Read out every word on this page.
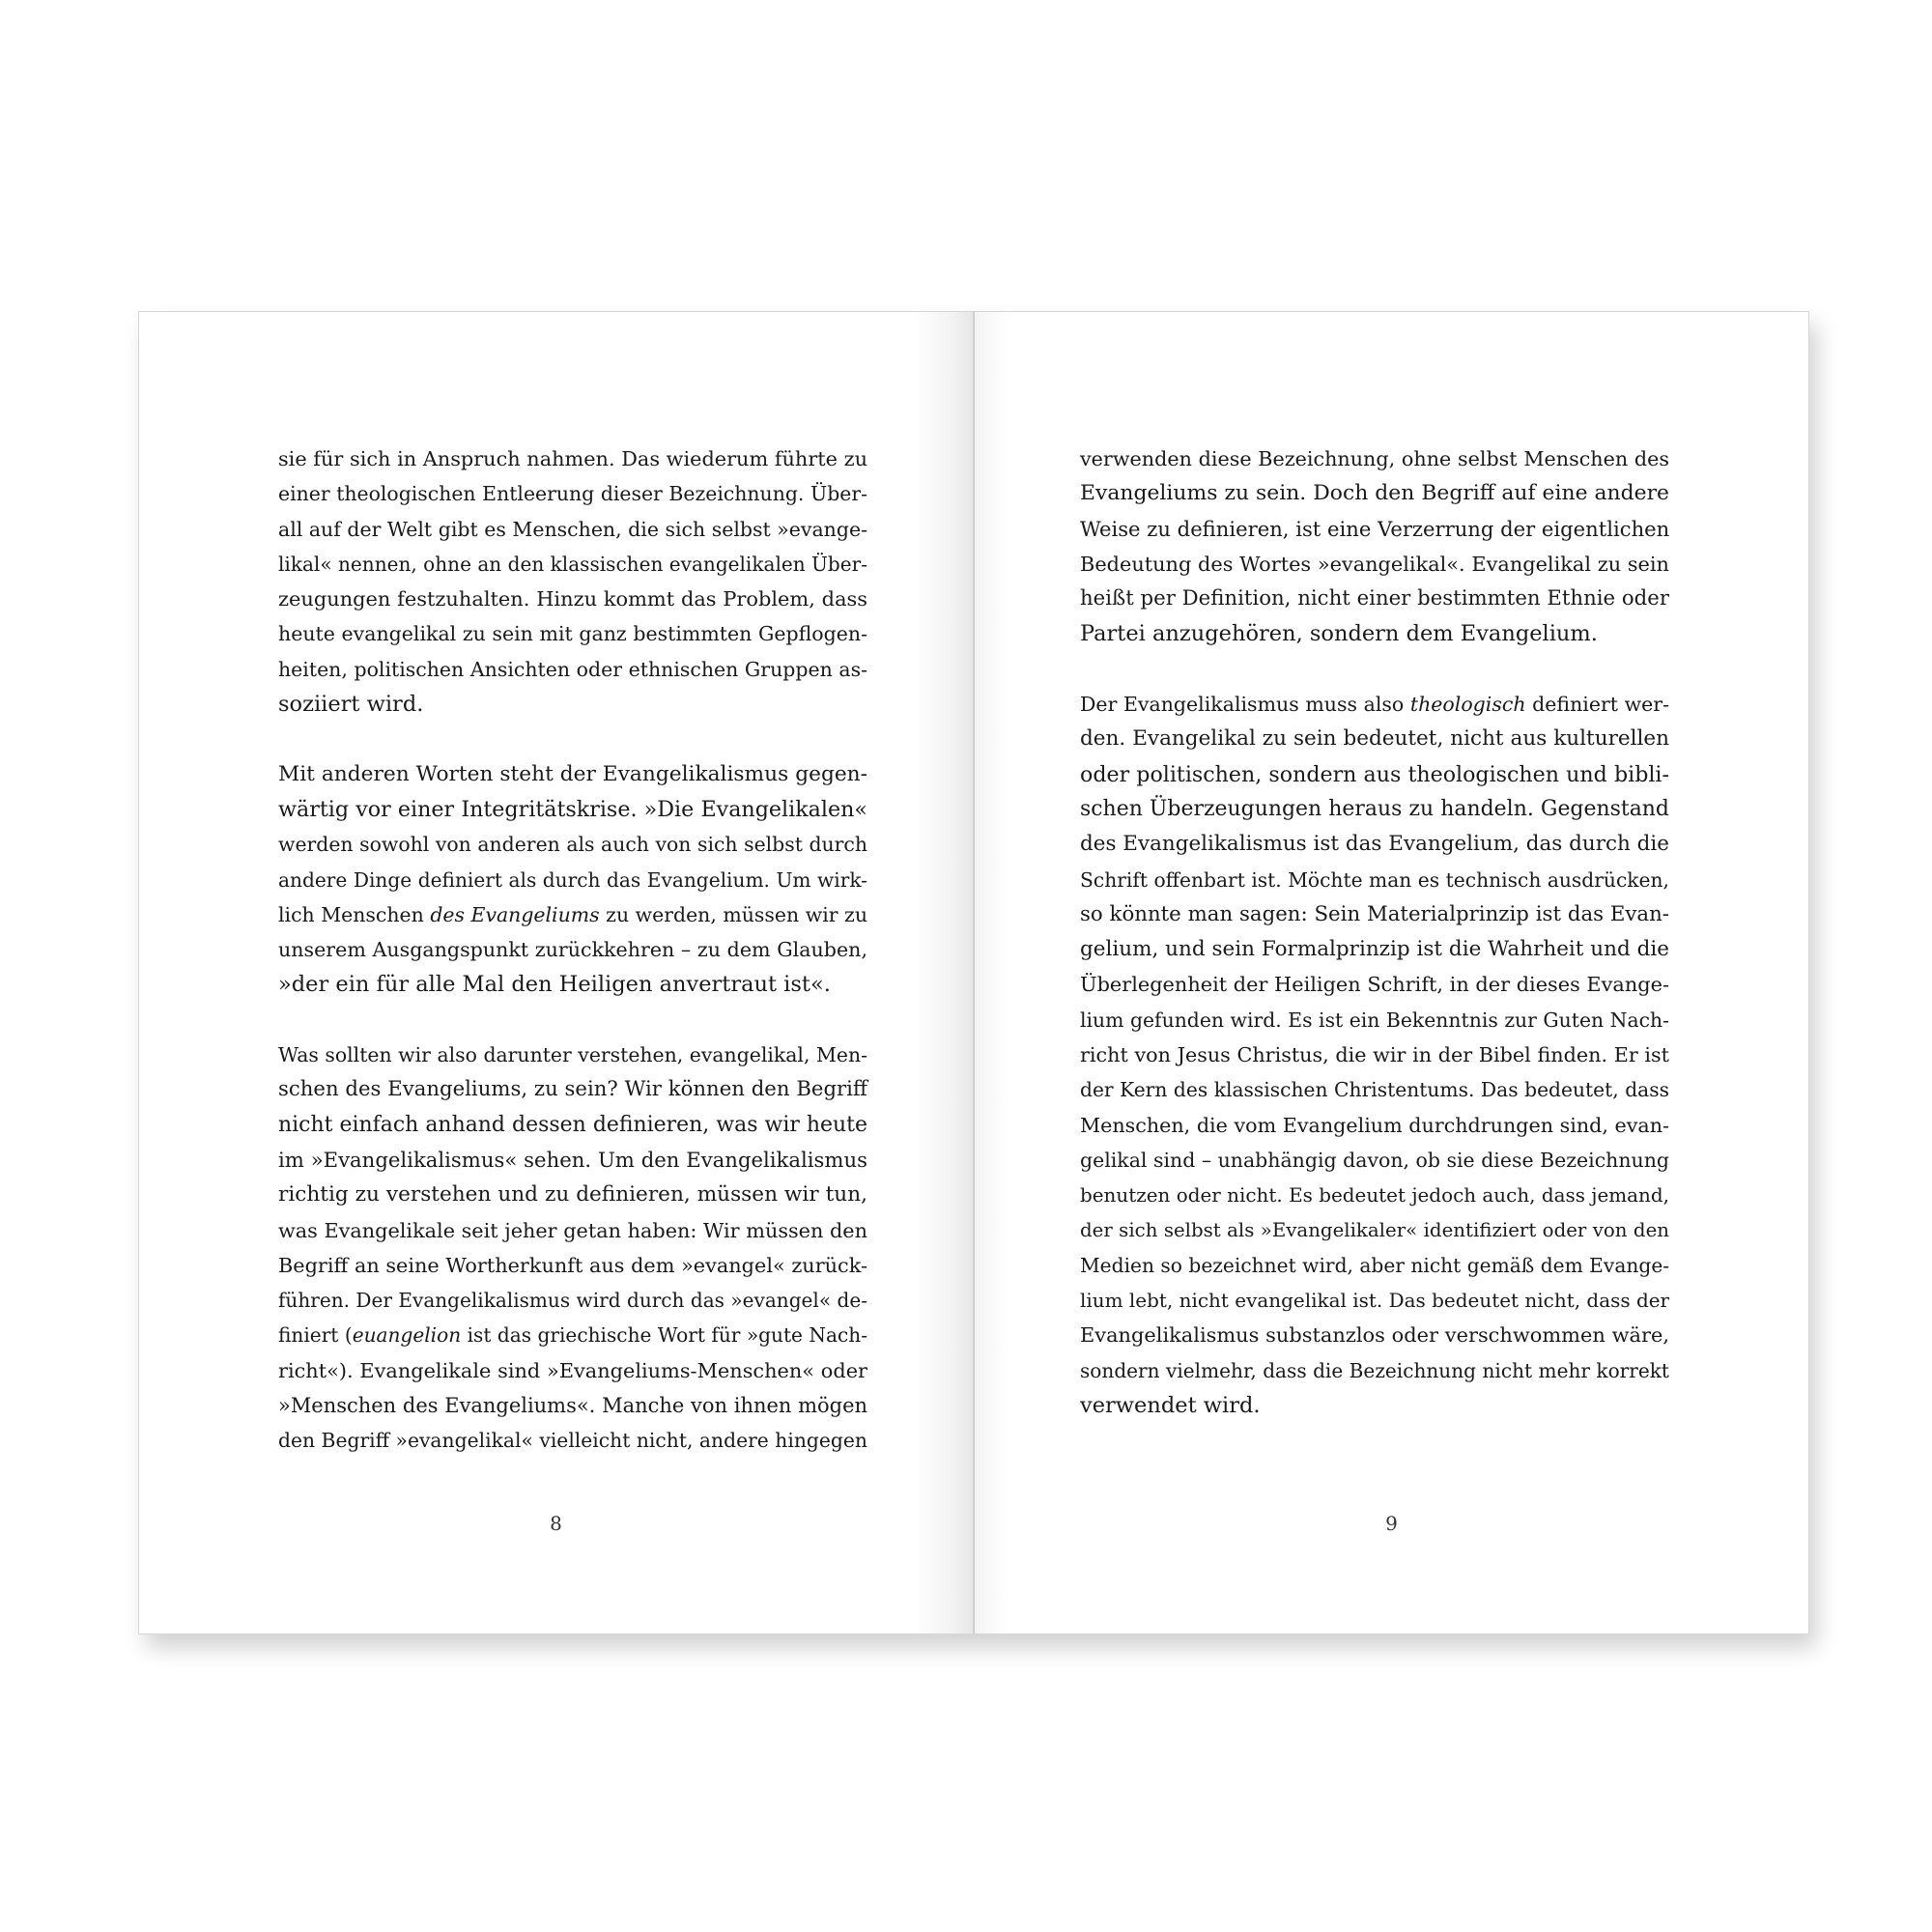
sie für sich in Anspruch nahmen. Das wiederum führte zu
einer theologischen Entleerung dieser Bezeichnung. Über-
all auf der Welt gibt es Menschen, die sich selbst »evange-
likal« nennen, ohne an den klassischen evangelikalen Über-
zeugungen festzuhalten. Hinzu kommt das Problem, dass
heute evangelikal zu sein mit ganz bestimmten Gepflogen-
heiten, politischen Ansichten oder ethnischen Gruppen as-
soziiert wird.

Mit anderen Worten steht der Evangelikalismus gegen-
wärtig vor einer Integritätskrise. »Die Evangelikalen«
werden sowohl von anderen als auch von sich selbst durch
andere Dinge definiert als durch das Evangelium. Um wirk-
lich Menschen des Evangeliums zu werden, müssen wir zu
unserem Ausgangspunkt zurückkehren – zu dem Glauben,
»der ein für alle Mal den Heiligen anvertraut ist«.

Was sollten wir also darunter verstehen, evangelikal, Men-
schen des Evangeliums, zu sein? Wir können den Begriff
nicht einfach anhand dessen definieren, was wir heute
im »Evangelikalismus« sehen. Um den Evangelikalismus
richtig zu verstehen und zu definieren, müssen wir tun,
was Evangelikale seit jeher getan haben: Wir müssen den
Begriff an seine Wortherkunft aus dem »evangel« zurück-
führen. Der Evangelikalismus wird durch das »evangel« de-
finiert (euangelion ist das griechische Wort für »gute Nach-
richt«). Evangelikale sind »Evangeliums-Menschen« oder
»Menschen des Evangeliums«. Manche von ihnen mögen
den Begriff »evangelikal« vielleicht nicht, andere hingegen

8

verwenden diese Bezeichnung, ohne selbst Menschen des
Evangeliums zu sein. Doch den Begriff auf eine andere
Weise zu definieren, ist eine Verzerrung der eigentlichen
Bedeutung des Wortes »evangelikal«. Evangelikal zu sein
heißt per Definition, nicht einer bestimmten Ethnie oder
Partei anzugehören, sondern dem Evangelium.

Der Evangelikalismus muss also theologisch definiert wer-
den. Evangelikal zu sein bedeutet, nicht aus kulturellen
oder politischen, sondern aus theologischen und bibli-
schen Überzeugungen heraus zu handeln. Gegenstand
des Evangelikalismus ist das Evangelium, das durch die
Schrift offenbart ist. Möchte man es technisch ausdrücken,
so könnte man sagen: Sein Materialprinzip ist das Evan-
gelium, und sein Formalprinzip ist die Wahrheit und die
Überlegenheit der Heiligen Schrift, in der dieses Evange-
lium gefunden wird. Es ist ein Bekenntnis zur Guten Nach-
richt von Jesus Christus, die wir in der Bibel finden. Er ist
der Kern des klassischen Christentums. Das bedeutet, dass
Menschen, die vom Evangelium durchdrungen sind, evan-
gelikal sind – unabhängig davon, ob sie diese Bezeichnung
benutzen oder nicht. Es bedeutet jedoch auch, dass jemand,
der sich selbst als »Evangelikaler« identifiziert oder von den
Medien so bezeichnet wird, aber nicht gemäß dem Evange-
lium lebt, nicht evangelikal ist. Das bedeutet nicht, dass der
Evangelikalismus substanzlos oder verschwommen wäre,
sondern vielmehr, dass die Bezeichnung nicht mehr korrekt
verwendet wird.

9
